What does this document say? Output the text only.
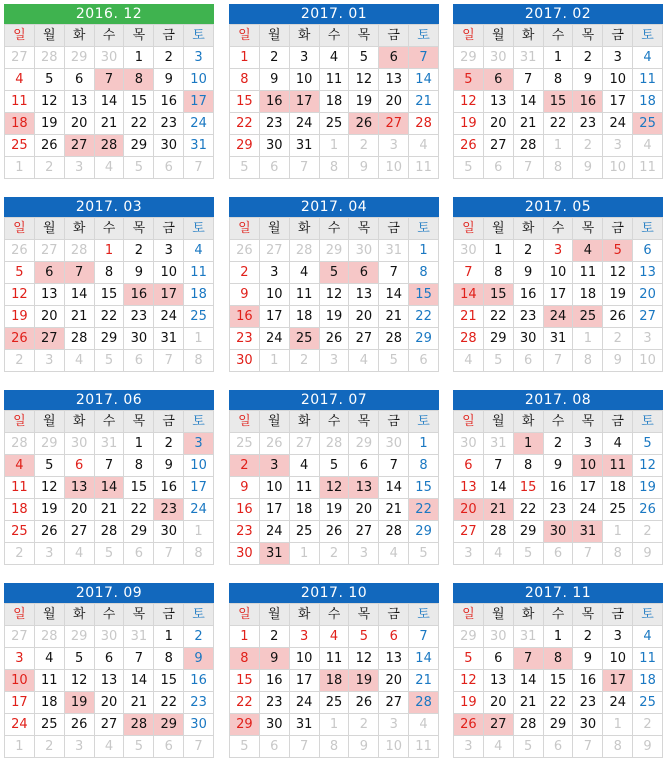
2016. 12
일	월	화	수	목	금	토
27	28	29	30	1	2	3
4	5	6	7	8	9	10
11	12	13	14	15	16	17
18	19	20	21	22	23	24
25	26	27	28	29	30	31
1	2	3	4	5	6	7
2017. 01
일	월	화	수	목	금	토
1	2	3	4	5	6	7
8	9	10	11	12	13	14
15	16	17	18	19	20	21
22	23	24	25	26	27	28
29	30	31	1	2	3	4
5	6	7	8	9	10	11
2017. 02
일	월	화	수	목	금	토
29	30	31	1	2	3	4
5	6	7	8	9	10	11
12	13	14	15	16	17	18
19	20	21	22	23	24	25
26	27	28	1	2	3	4
5	6	7	8	9	10	11
2017. 03
일	월	화	수	목	금	토
26	27	28	1	2	3	4
5	6	7	8	9	10	11
12	13	14	15	16	17	18
19	20	21	22	23	24	25
26	27	28	29	30	31	1
2	3	4	5	6	7	8
2017. 04
일	월	화	수	목	금	토
26	27	28	29	30	31	1
2	3	4	5	6	7	8
9	10	11	12	13	14	15
16	17	18	19	20	21	22
23	24	25	26	27	28	29
30	1	2	3	4	5	6
2017. 05
일	월	화	수	목	금	토
30	1	2	3	4	5	6
7	8	9	10	11	12	13
14	15	16	17	18	19	20
21	22	23	24	25	26	27
28	29	30	31	1	2	3
4	5	6	7	8	9	10
2017. 06
일	월	화	수	목	금	토
28	29	30	31	1	2	3
4	5	6	7	8	9	10
11	12	13	14	15	16	17
18	19	20	21	22	23	24
25	26	27	28	29	30	1
2	3	4	5	6	7	8
2017. 07
일	월	화	수	목	금	토
25	26	27	28	29	30	1
2	3	4	5	6	7	8
9	10	11	12	13	14	15
16	17	18	19	20	21	22
23	24	25	26	27	28	29
30	31	1	2	3	4	5
2017. 08
일	월	화	수	목	금	토
30	31	1	2	3	4	5
6	7	8	9	10	11	12
13	14	15	16	17	18	19
20	21	22	23	24	25	26
27	28	29	30	31	1	2
3	4	5	6	7	8	9
2017. 09
일	월	화	수	목	금	토
27	28	29	30	31	1	2
3	4	5	6	7	8	9
10	11	12	13	14	15	16
17	18	19	20	21	22	23
24	25	26	27	28	29	30
1	2	3	4	5	6	7
2017. 10
일	월	화	수	목	금	토
1	2	3	4	5	6	7
8	9	10	11	12	13	14
15	16	17	18	19	20	21
22	23	24	25	26	27	28
29	30	31	1	2	3	4
5	6	7	8	9	10	11
2017. 11
일	월	화	수	목	금	토
29	30	31	1	2	3	4
5	6	7	8	9	10	11
12	13	14	15	16	17	18
19	20	21	22	23	24	25
26	27	28	29	30	1	2
3	4	5	6	7	8	9
